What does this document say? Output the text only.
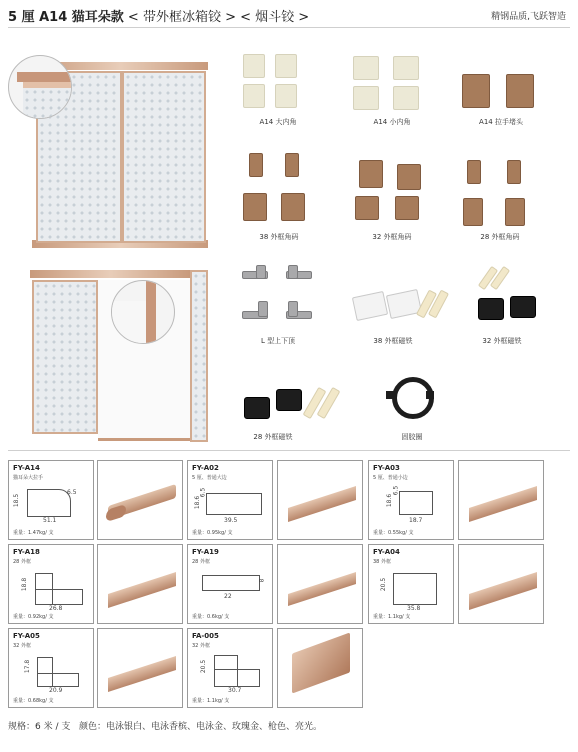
5 厘 A14 猫耳朵款 < 带外框冰箱铰 > < 烟斗铰 >	精钢品质,飞跃智造
A14 大内角	A14 小内角	A14 拉手堵头
38 外框角码	32 外框角码	28 外框角码
L 型上下顶	38 外框磁铁	32 外框磁铁
28 外框磁铁	固胶圈
FY-A14
猫耳朵大拉手
18.5
6.5
51.1
重量：1.47kg/ 支
FY-A02
5 厘、普通大边
18.6
6.5
39.5
重量：0.95kg/ 支
FY-A03
5 厘、普通小边
18.6
6.5
18.7
重量：0.55kg/ 支
FY-A18
28 外框
18.8
26.8
重量：0.92kg/ 支
FY-A19
28 外框
8
22
重量：0.6kg/ 支
FY-A04
38 外框
20.5
35.8
重量：1.1kg/ 支
FY-A05
32 外框
17.8
20.9
重量：0.68kg/ 支
FA-005
32 外框
20.5
30.7
重量：1.1kg/ 支
规格：6 米 / 支 颜色：电泳银白、电泳香槟、电泳金、玫瑰金、枪色、亮光。
